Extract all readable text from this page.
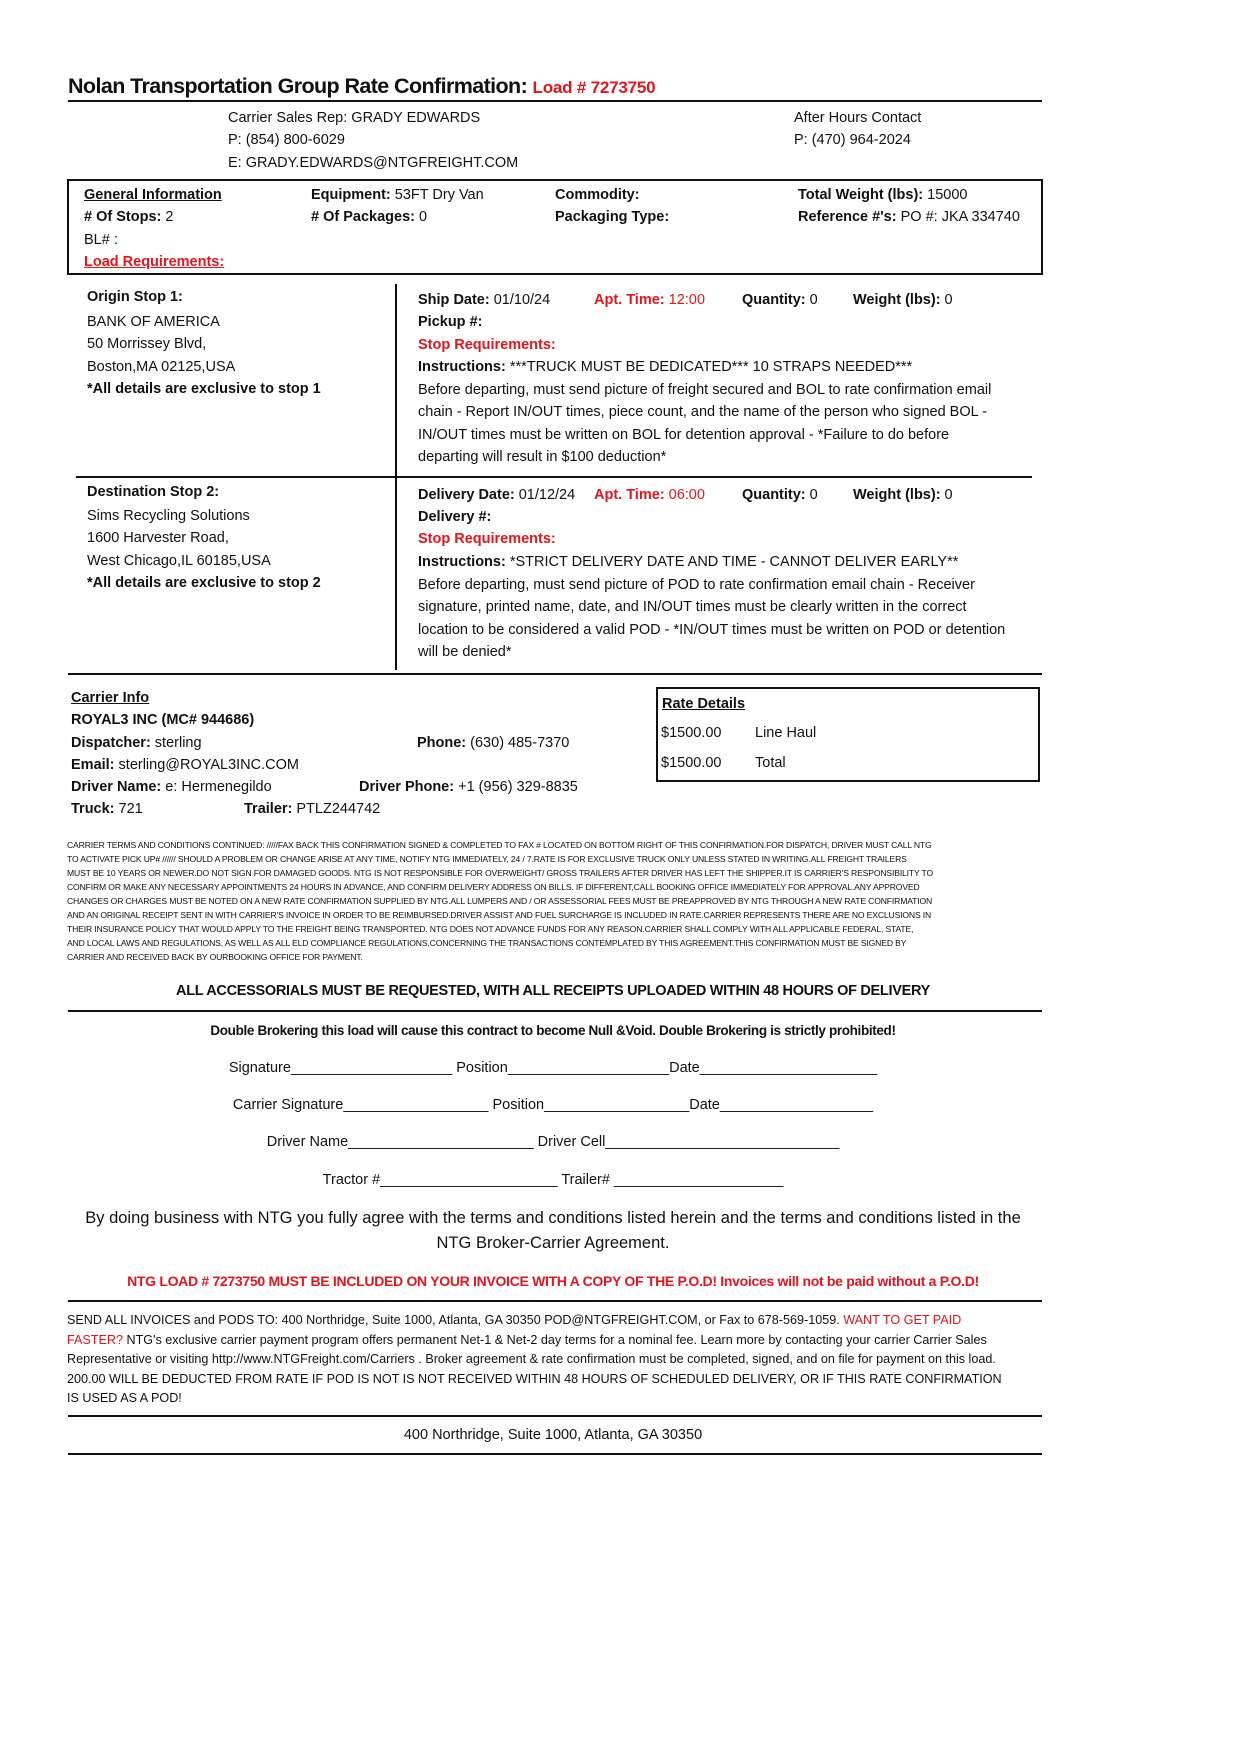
Nolan Transportation Group Rate Confirmation: Load # 7273750
Carrier Sales Rep: GRADY EDWARDS
P: (854) 800-6029
E: GRADY.EDWARDS@NTGFREIGHT.COM
After Hours Contact
P: (470) 964-2024
General Information
# Of Stops: 2
BL# :
Load Requirements:
Equipment: 53FT Dry Van
# Of Packages: 0
Commodity:
Packaging Type:
Total Weight (lbs): 15000
Reference #'s: PO #: JKA 334740
Origin Stop 1:
BANK OF AMERICA
50 Morrissey Blvd,
Boston,MA 02125,USA
*All details are exclusive to stop 1
Ship Date: 01/10/24	Apt. Time: 12:00	Quantity: 0 Weight (lbs): 0
Pickup #:
Stop Requirements:
Instructions: ***TRUCK MUST BE DEDICATED*** 10 STRAPS NEEDED***
Before departing, must send picture of freight secured and BOL to rate confirmation email
chain - Report IN/OUT times, piece count, and the name of the person who signed BOL -
IN/OUT times must be written on BOL for detention approval - *Failure to do before
departing will result in $100 deduction*
Destination Stop 2:
Sims Recycling Solutions
1600 Harvester Road,
West Chicago,IL 60185,USA
*All details are exclusive to stop 2
Delivery Date: 01/12/24 Apt. Time: 06:00	Quantity: 0 Weight (lbs): 0
Delivery #:
Stop Requirements:
Instructions: *STRICT DELIVERY DATE AND TIME - CANNOT DELIVER EARLY**
Before departing, must send picture of POD to rate confirmation email chain - Receiver
signature, printed name, date, and IN/OUT times must be clearly written in the correct
location to be considered a valid POD - *IN/OUT times must be written on POD or detention
will be denied*
Carrier Info
ROYAL3 INC (MC# 944686)
Dispatcher: sterling	Phone: (630) 485-7370
Email: sterling@ROYAL3INC.COM
Driver Name: e: Hermenegildo	Driver Phone: +1 (956) 329-8835
Truck: 721	Trailer: PTLZ244742
Rate Details
$1500.00 Line Haul
$1500.00 Total
CARRIER TERMS AND CONDITIONS CONTINUED: /////FAX BACK THIS CONFIRMATION SIGNED & COMPLETED TO FAX # LOCATED ON BOTTOM RIGHT OF THIS CONFIRMATION.FOR DISPATCH, DRIVER MUST CALL NTG
TO ACTIVATE PICK UP# ////// SHOULD A PROBLEM OR CHANGE ARISE AT ANY TIME, NOTIFY NTG IMMEDIATELY, 24 / 7.RATE IS FOR EXCLUSIVE TRUCK ONLY UNLESS STATED IN WRITING.ALL FREIGHT TRAILERS
MUST BE 10 YEARS OR NEWER.DO NOT SIGN FOR DAMAGED GOODS. NTG IS NOT RESPONSIBLE FOR OVERWEIGHT/ GROSS TRAILERS AFTER DRIVER HAS LEFT THE SHIPPER.IT IS CARRIER'S RESPONSIBILITY TO
CONFIRM OR MAKE ANY NECESSARY APPOINTMENTS 24 HOURS IN ADVANCE, AND CONFIRM DELIVERY ADDRESS ON BILLS. IF DIFFERENT,CALL BOOKING OFFICE IMMEDIATELY FOR APPROVAL.ANY APPROVED
CHANGES OR CHARGES MUST BE NOTED ON A NEW RATE CONFIRMATION SUPPLIED BY NTG.ALL LUMPERS AND / OR ASSESSORIAL FEES MUST BE PREAPPROVED BY NTG THROUGH A NEW RATE CONFIRMATION
AND AN ORIGINAL RECEIPT SENT IN WITH CARRIER'S INVOICE IN ORDER TO BE REIMBURSED.DRIVER ASSIST AND FUEL SURCHARGE IS INCLUDED IN RATE.CARRIER REPRESENTS THERE ARE NO EXCLUSIONS IN
THEIR INSURANCE POLICY THAT WOULD APPLY TO THE FREIGHT BEING TRANSPORTED. NTG DOES NOT ADVANCE FUNDS FOR ANY REASON.CARRIER SHALL COMPLY WITH ALL APPLICABLE FEDERAL, STATE,
AND LOCAL LAWS AND REGULATIONS, AS WELL AS ALL ELD COMPLIANCE REGULATIONS,CONCERNING THE TRANSACTIONS CONTEMPLATED BY THIS AGREEMENT.THIS CONFIRMATION MUST BE SIGNED BY
CARRIER AND RECEIVED BACK BY OURBOOKING OFFICE FOR PAYMENT.
ALL ACCESSORIALS MUST BE REQUESTED, WITH ALL RECEIPTS UPLOADED WITHIN 48 HOURS OF DELIVERY
Double Brokering this load will cause this contract to become Null &Void. Double Brokering is strictly prohibited!
Signature____________________ Position____________________Date______________________
Carrier Signature__________________ Position__________________Date___________________
Driver Name_______________________ Driver Cell_____________________________
Tractor #______________________ Trailer# _____________________
By doing business with NTG you fully agree with the terms and conditions listed herein and the terms and conditions listed in the
NTG Broker-Carrier Agreement.
NTG LOAD # 7273750 MUST BE INCLUDED ON YOUR INVOICE WITH A COPY OF THE P.O.D! Invoices will not be paid without a P.O.D!
SEND ALL INVOICES and PODS TO: 400 Northridge, Suite 1000, Atlanta, GA 30350 POD@NTGFREIGHT.COM, or Fax to 678-569-1059. WANT TO GET PAID
FASTER? NTG's exclusive carrier payment program offers permanent Net-1 & Net-2 day terms for a nominal fee. Learn more by contacting your carrier Carrier Sales
Representative or visiting http://www.NTGFreight.com/Carriers . Broker agreement & rate confirmation must be completed, signed, and on file for payment on this load.
200.00 WILL BE DEDUCTED FROM RATE IF POD IS NOT IS NOT RECEIVED WITHIN 48 HOURS OF SCHEDULED DELIVERY, OR IF THIS RATE CONFIRMATION
IS USED AS A POD!
400 Northridge, Suite 1000, Atlanta, GA 30350
